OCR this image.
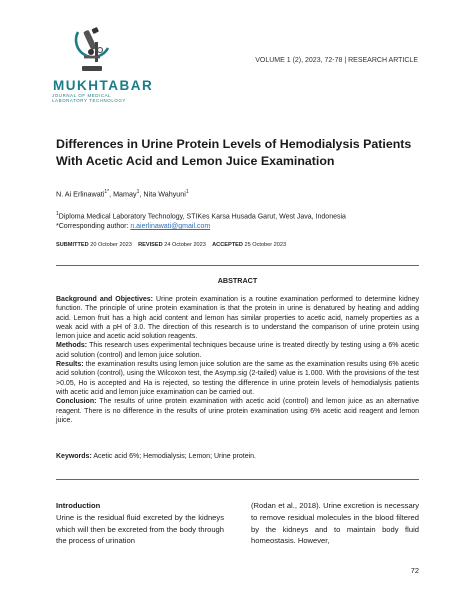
MUKHTABAR
JOURNAL OF MEDICAL
LABORATORY TECHNOLOGY
VOLUME 1 (2), 2023, 72-78 | RESEARCH ARTICLE
Differences in Urine Protein Levels of Hemodialysis Patients With Acetic Acid and Lemon Juice Examination
N. Ai Erlinawati$^{1*}$, Mamay$^1$, Nita Wahyuni$^1$
$^1$Diploma Medical Laboratory Technology, STIKes Karsa Husada Garut, West Java, Indonesia
*Corresponding author: n.aierlinawati@gmail.com
SUBMITTED 20 October 2023 REVISED 24 October 2023 ACCEPTED 25 October 2023
ABSTRACT

Background and Objectives: Urine protein examination is a routine examination performed to determine kidney function. The principle of urine protein examination is that the protein in urine is denatured by heating and adding acid. Lemon fruit has a high acid content and lemon has similar properties to acetic acid, namely properties as a weak acid with a pH of 3.0. The direction of this research is to understand the comparison of urine protein using lemon juice and acetic acid solution reagents.

Methods: This research uses experimental techniques because urine is treated directly by testing using a 6% acetic acid solution (control) and lemon juice solution.

Results: the examination results using lemon juice solution are the same as the examination results using 6% acetic acid solution (control), using the Wilcoxon test, the Asymp.sig (2-tailed) value is 1.000. With the provisions of the test >0.05, Ho is accepted and Ha is rejected, so testing the difference in urine protein levels of hemodialysis patients with acetic acid and lemon juice examination can be carried out.

Conclusion: The results of urine protein examination with acetic acid (control) and lemon juice as an alternative reagent. There is no difference in the results of urine protein examination using 6% acetic acid reagent and lemon juice.

Keywords: Acetic acid 6%; Hemodialysis; Lemon; Urine protein.
Introduction

Urine is the residual fluid excreted by the kidneys which will then be excreted from the body through the process of urination

(Rodan et al., 2018). Urine excretion is necessary to remove residual molecules in the blood filtered by the kidneys and to maintain body fluid homeostasis. However,

72
